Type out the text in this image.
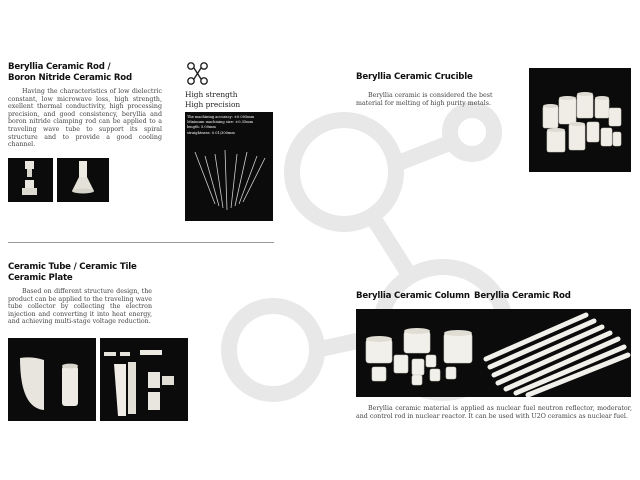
Beryllia Ceramic Rod /
Boron Nitride Ceramic Rod
Having the characteristics of low dielectric constant, low microwave loss, high strength, exellent thermal conductivity, high processing precision, and good consistency, beryllia and boron nitride clamping rod can be applied to a traveling wave tube to support its spiral structure and to provide a good cooling channel.
High strength
High precision
The machining accuracy: ±0.005mm
Minimum machining size: ±0.35mm
length: 5.00mm
straightness: 0.01/300mm
Beryllia Ceramic Crucible
Beryllia ceramic is considered the best material for melting of high purity metals.
Ceramic Tube / Ceramic Tile
Ceramic Plate
Based on different structure design, the product can be applied to the traveling wave tube collector by collecting the electron injection and converting it into heat energy, and achieving multi-stage voltage reduction.
Beryllia Ceramic Column Beryllia Ceramic Rod
Beryllia ceramic material is applied as nuclear fuel neutron reflector, moderator, and control rod in nuclear reactor. It can be used with U2O ceramics as nuclear fuel.
